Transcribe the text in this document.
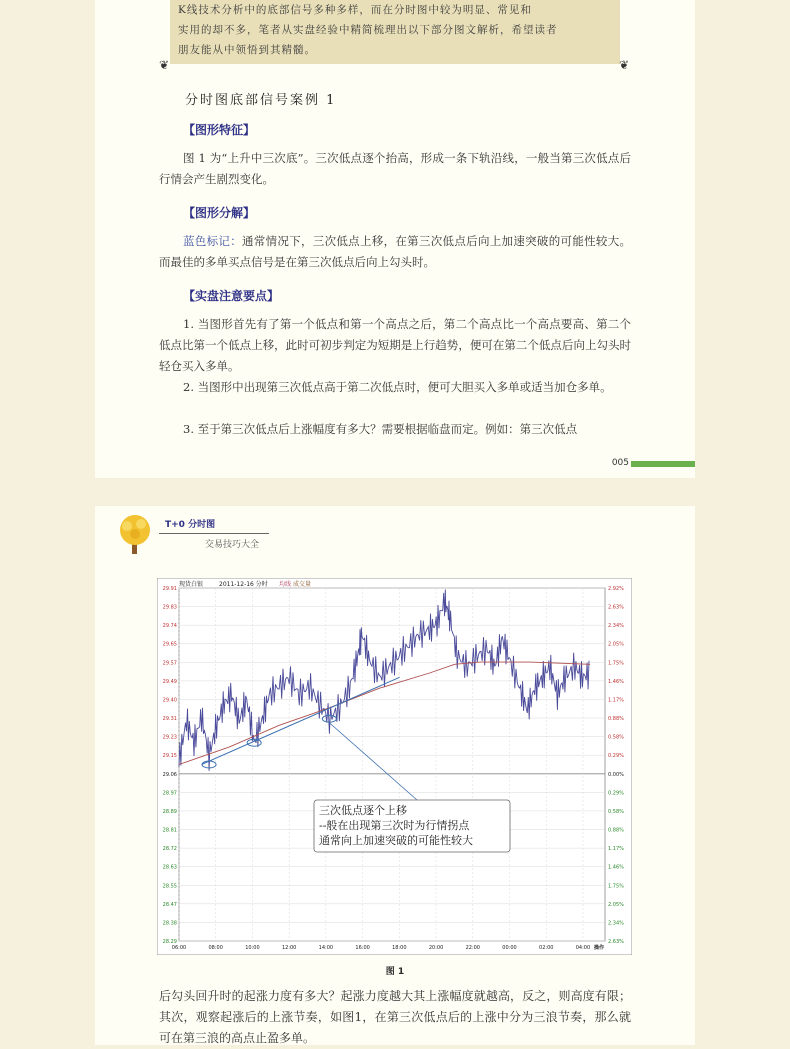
K线技术分析中的底部信号多种多样，而在分时图中较为明显、常见和
实用的却不多，笔者从实盘经验中精简梳理出以下部分图文解析，希望读者
朋友能从中领悟到其精髓。
❦	❦
分时图底部信号案例 1
【图形特征】
图 1 为“上升中三次底”。三次低点逐个抬高，形成一条下轨沿线，一般当第三次低点后行情会产生剧烈变化。
【图形分解】
蓝色标记：通常情况下，三次低点上移，在第三次低点后向上加速突破的可能性较大。而最佳的多单买点信号是在第三次低点后向上勾头时。
【实盘注意要点】
1. 当图形首先有了第一个低点和第一个高点之后，第二个高点比一个高点要高、第二个低点比第一个低点上移，此时可初步判定为短期是上行趋势，便可在第二个低点后向上勾头时轻仓买入多单。
2. 当图形中出现第三次低点高于第二次低点时，便可大胆买入多单或适当加仓多单。
3. 至于第三次低点后上涨幅度有多大？需要根据临盘而定。例如：第三次低点
005
T+0 分时图
交易技巧大全
现货白银	2011-12-16 分时 均线 成交量
29.91	2.92%
29.83	2.63%
29.74	2.34%
29.65	2.05%
29.57	1.75%
29.49	1.46%
29.40	1.17%
29.31	0.88%
29.23	0.58%
29.15	0.29%
29.06	0.00%
28.97	0.29%
28.89	0.58%
28.81	0.88%
28.72	1.17%
28.63	1.46%
28.55	1.75%
28.47	2.05%
28.38	2.34%
28.29	2.63%
06:00	08:00	10:00	12:00	14:00	16:00	18:00	20:00	22:00	00:00	02:00	04:00 操作
三次低点逐个上移
--般在出现第三次时为行情拐点
通常向上加速突破的可能性较大
图 1
后勾头回升时的起涨力度有多大？起涨力度越大其上涨幅度就越高，反之，则高度有限；其次，观察起涨后的上涨节奏，如图1，在第三次低点后的上涨中分为三浪节奏，那么就可在第三浪的高点止盈多单。
